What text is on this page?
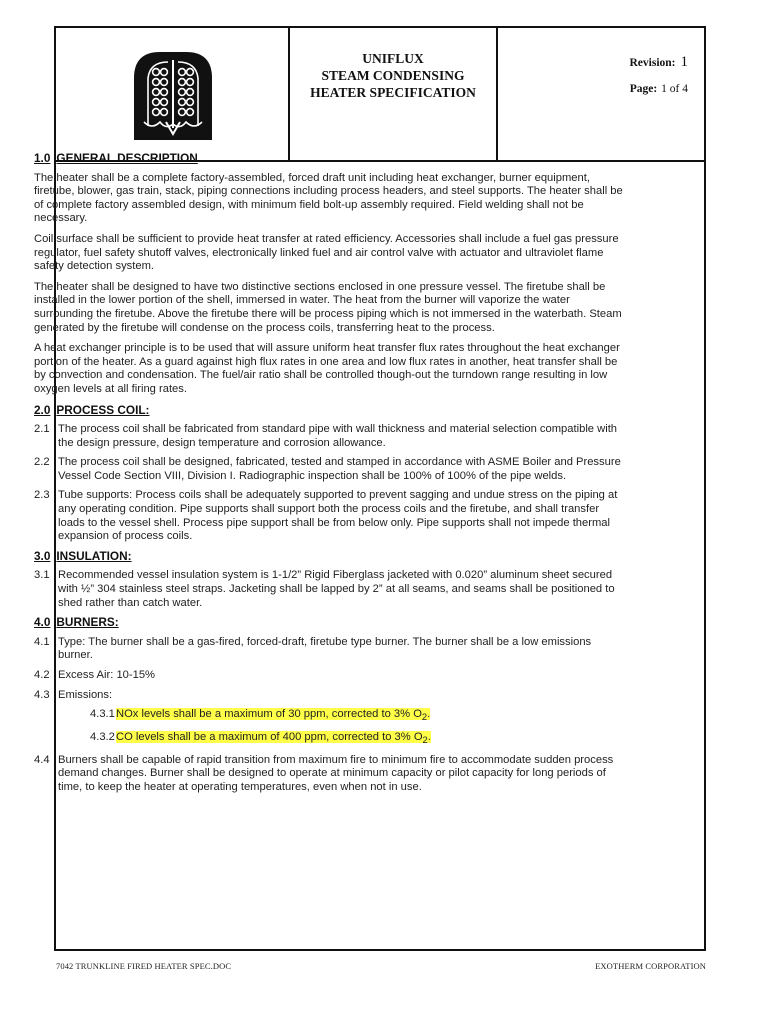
UNIFLUX
STEAM CONDENSING
HEATER SPECIFICATION
Revision: 1
Page: 1 of 4
1.0 GENERAL DESCRIPTION

The heater shall be a complete factory-assembled, forced draft unit including heat exchanger, burner equipment, firetube, blower, gas train, stack, piping connections including process headers, and steel supports. The heater shall be of complete factory assembled design, with minimum field bolt-up assembly required. Field welding shall not be necessary.

Coil surface shall be sufficient to provide heat transfer at rated efficiency. Accessories shall include a fuel gas pressure regulator, fuel safety shutoff valves, electronically linked fuel and air control valve with actuator and ultraviolet flame safety detection system.

The heater shall be designed to have two distinctive sections enclosed in one pressure vessel. The firetube shall be installed in the lower portion of the shell, immersed in water. The heat from the burner will vaporize the water surrounding the firetube. Above the firetube there will be process piping which is not immersed in the waterbath. Steam generated by the firetube will condense on the process coils, transferring heat to the process.

A heat exchanger principle is to be used that will assure uniform heat transfer flux rates throughout the heat exchanger portion of the heater. As a guard against high flux rates in one area and low flux rates in another, heat transfer shall be by convection and condensation. The fuel/air ratio shall be controlled though-out the turndown range resulting in low oxygen levels at all firing rates.

2.0 PROCESS COIL:
2.1 The process coil shall be fabricated from standard pipe with wall thickness and material selection compatible with the design pressure, design temperature and corrosion allowance.
2.2 The process coil shall be designed, fabricated, tested and stamped in accordance with ASME Boiler and Pressure Vessel Code Section VIII, Division I. Radiographic inspection shall be 100% of 100% of the pipe welds.
2.3 Tube supports: Process coils shall be adequately supported to prevent sagging and undue stress on the piping at any operating condition. Pipe supports shall support both the process coils and the firetube, and shall transfer loads to the vessel shell. Process pipe support shall be from below only. Pipe supports shall not impede thermal expansion of process coils.
3.0 INSULATION:
3.1 Recommended vessel insulation system is 1-1/2” Rigid Fiberglass jacketed with 0.020” aluminum sheet secured with ½” 304 stainless steel straps. Jacketing shall be lapped by 2” at all seams, and seams shall be positioned to shed rather than catch water.
4.0 BURNERS:
4.1 Type: The burner shall be a gas-fired, forced-draft, firetube type burner. The burner shall be a low emissions burner.
4.2 Excess Air: 10-15%
4.3 Emissions:
4.3.1 NOx levels shall be a maximum of 30 ppm, corrected to 3% $O_2$.
4.3.2 CO levels shall be a maximum of 400 ppm, corrected to 3% $O_2$.
4.4 Burners shall be capable of rapid transition from maximum fire to minimum fire to accommodate sudden process demand changes. Burner shall be designed to operate at minimum capacity or pilot capacity for long periods of time, to keep the heater at operating temperatures, even when not in use.
7042 TRUNKLINE FIRED HEATER SPEC.DOC	EXOTHERM CORPORATION
